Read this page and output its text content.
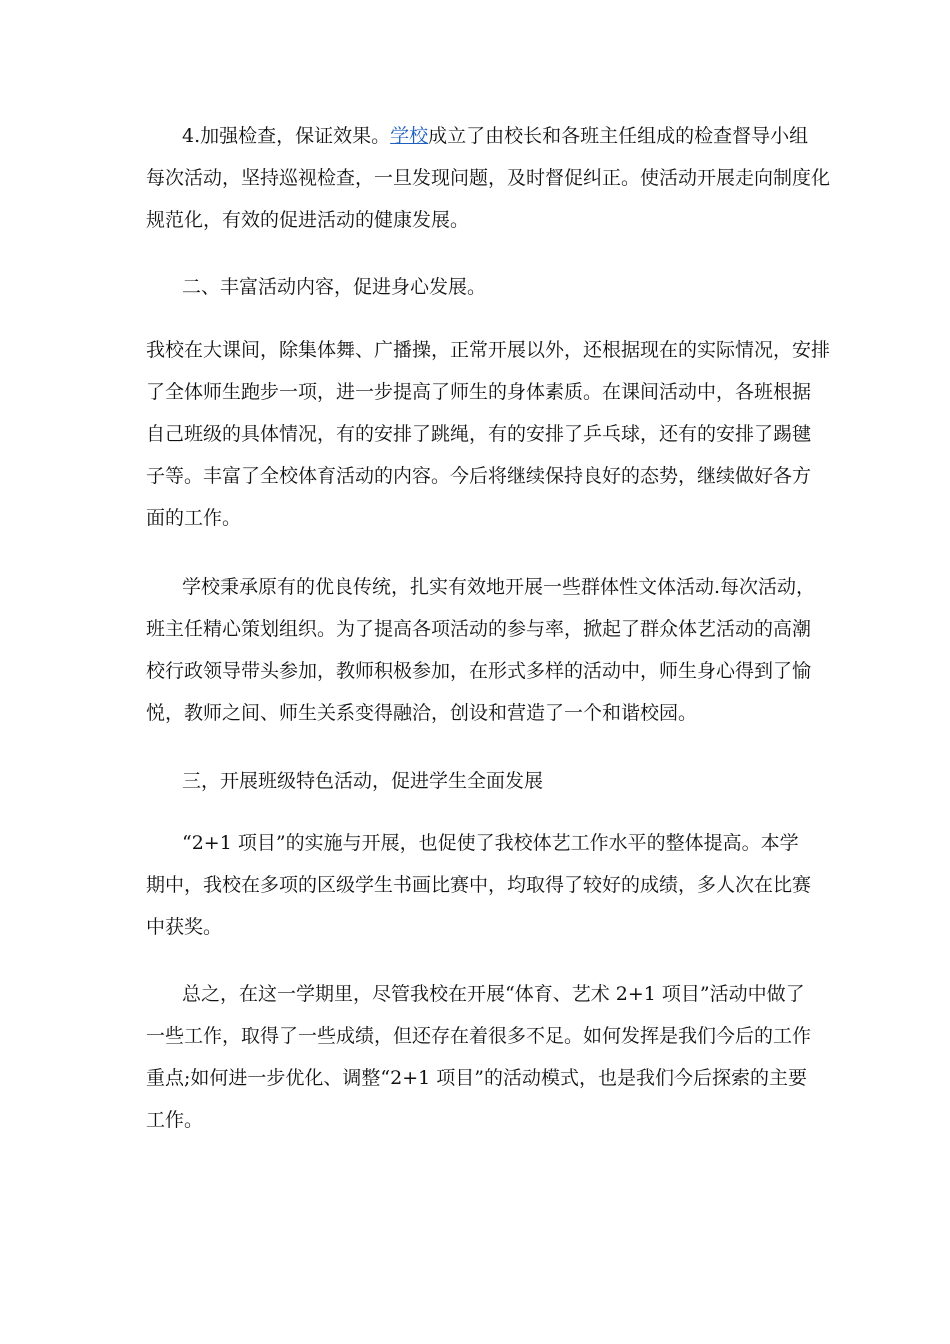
4.加强检查，保证效果。学校成立了由校长和各班主任组成的检查督导小组
每次活动，坚持巡视检查，一旦发现问题，及时督促纠正。使活动开展走向制度化
规范化，有效的促进活动的健康发展。
二、丰富活动内容，促进身心发展。
我校在大课间，除集体舞、广播操，正常开展以外，还根据现在的实际情况，安排
了全体师生跑步一项，进一步提高了师生的身体素质。在课间活动中，各班根据
自己班级的具体情况，有的安排了跳绳，有的安排了乒乓球，还有的安排了踢毽
子等。丰富了全校体育活动的内容。今后将继续保持良好的态势，继续做好各方
面的工作。
学校秉承原有的优良传统，扎实有效地开展一些群体性文体活动.每次活动，
班主任精心策划组织。为了提高各项活动的参与率，掀起了群众体艺活动的高潮
校行政领导带头参加，教师积极参加，在形式多样的活动中，师生身心得到了愉
悦，教师之间、师生关系变得融洽，创设和营造了一个和谐校园。
三，开展班级特色活动，促进学生全面发展
“2+1 项目”的实施与开展，也促使了我校体艺工作水平的整体提高。本学
期中，我校在多项的区级学生书画比赛中，均取得了较好的成绩，多人次在比赛
中获奖。
总之，在这一学期里，尽管我校在开展“体育、艺术 2+1 项目”活动中做了
一些工作，取得了一些成绩，但还存在着很多不足。如何发挥是我们今后的工作
重点;如何进一步优化、调整“2+1 项目”的活动模式，也是我们今后探索的主要
工作。
